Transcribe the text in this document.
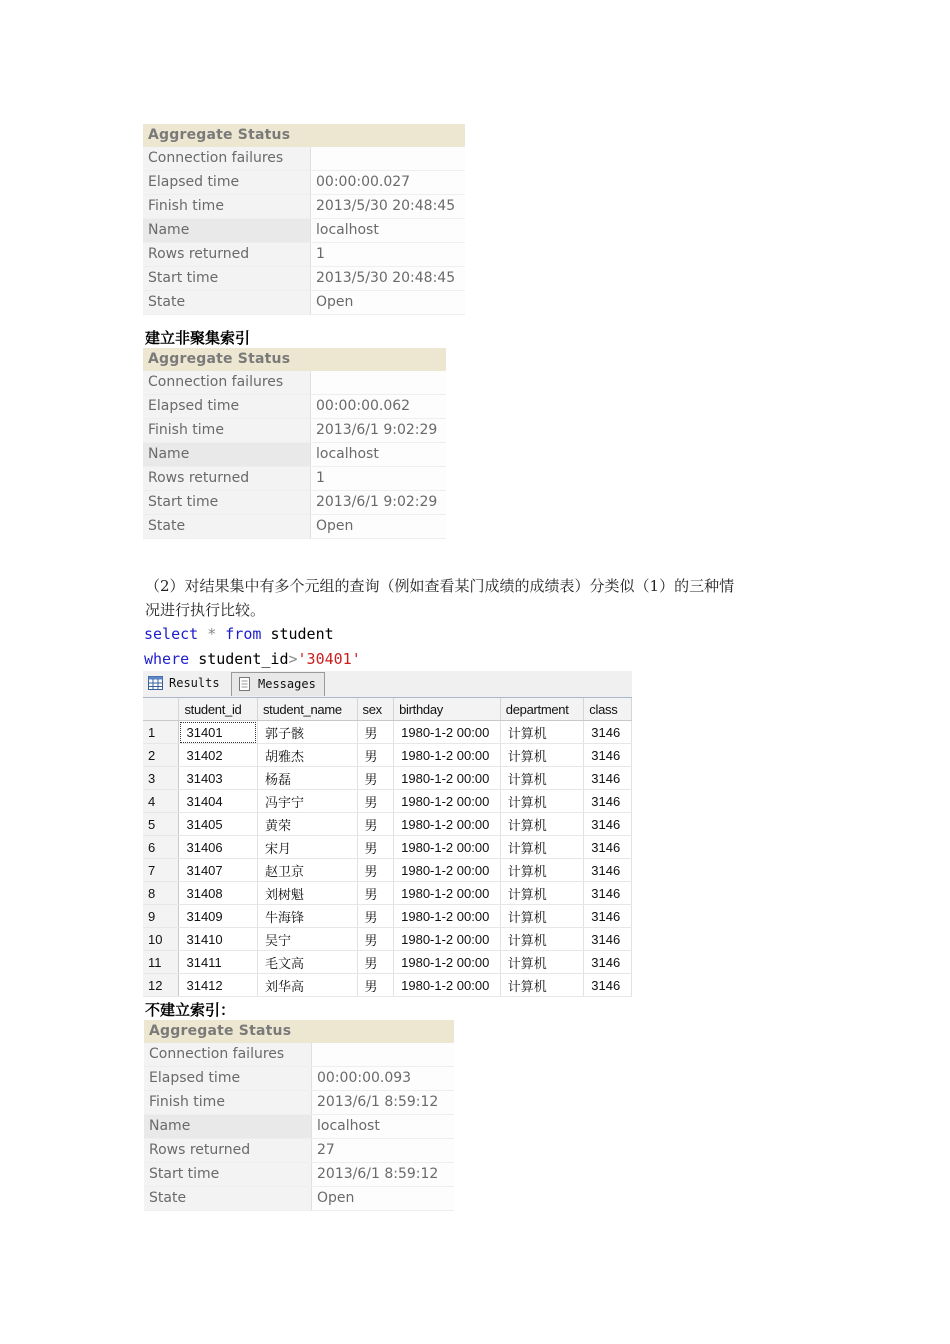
Aggregate Status
Connection failures
Elapsed time	00:00:00.027
Finish time	2013/5/30 20:48:45
Name	localhost
Rows returned	1
Start time	2013/5/30 20:48:45
State	Open
建立非聚集索引
Aggregate Status
Connection failures
Elapsed time	00:00:00.062
Finish time	2013/6/1 9:02:29
Name	localhost
Rows returned	1
Start time	2013/6/1 9:02:29
State	Open
（2）对结果集中有多个元组的查询（例如查看某门成绩的成绩表）分类似（1）的三种情
况进行执行比较。
select * from student
where student_id>'30401'
Results	Messages
	student_id	student_name	sex	birthday	department	class
1	31401	郭子骸	男	1980-1-2 00:00	计算机	3146
2	31402	胡雅杰	男	1980-1-2 00:00	计算机	3146
3	31403	杨磊	男	1980-1-2 00:00	计算机	3146
4	31404	冯宇宁	男	1980-1-2 00:00	计算机	3146
5	31405	黄荣	男	1980-1-2 00:00	计算机	3146
6	31406	宋月	男	1980-1-2 00:00	计算机	3146
7	31407	赵卫京	男	1980-1-2 00:00	计算机	3146
8	31408	刘树魁	男	1980-1-2 00:00	计算机	3146
9	31409	牛海锋	男	1980-1-2 00:00	计算机	3146
10	31410	吴宁	男	1980-1-2 00:00	计算机	3146
11	31411	毛文高	男	1980-1-2 00:00	计算机	3146
12	31412	刘华高	男	1980-1-2 00:00	计算机	3146
不建立索引：
Aggregate Status
Connection failures
Elapsed time	00:00:00.093
Finish time	2013/6/1 8:59:12
Name	localhost
Rows returned	27
Start time	2013/6/1 8:59:12
State	Open
